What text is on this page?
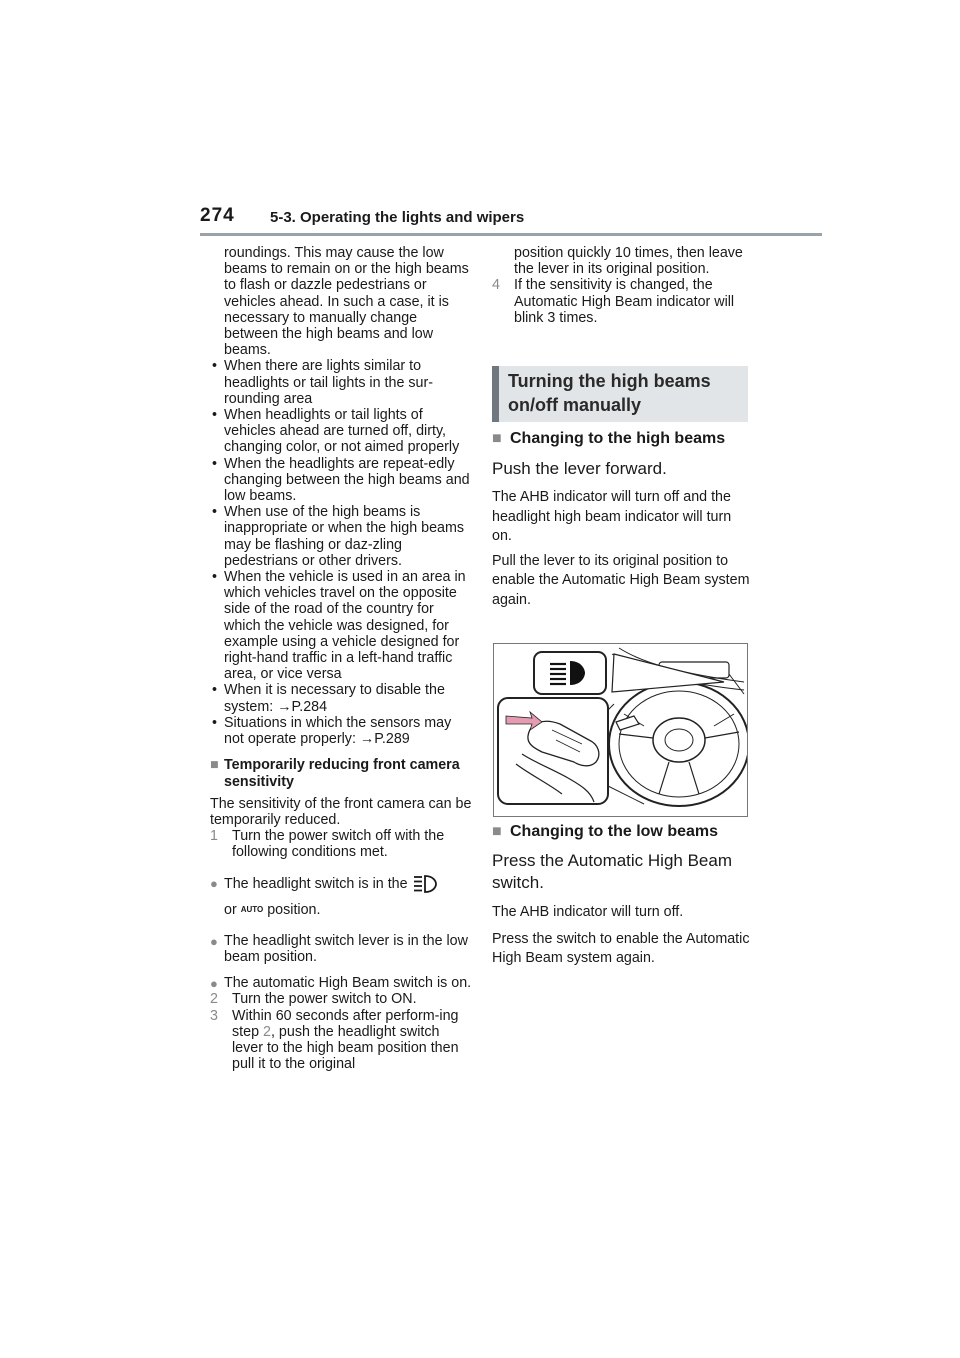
274 5-3. Operating the lights and wipers
roundings. This may cause the low beams to remain on or the high beams to flash or dazzle pedestrians or vehicles ahead. In such a case, it is necessary to manually change between the high beams and low beams.
• When there are lights similar to headlights or tail lights in the sur-rounding area
• When headlights or tail lights of vehicles ahead are turned off, dirty, changing color, or not aimed properly
• When the headlights are repeat-edly changing between the high beams and low beams.
• When use of the high beams is inappropriate or when the high beams may be flashing or daz-zling pedestrians or other drivers.
• When the vehicle is used in an area in which vehicles travel on the opposite side of the road of the country for which the vehicle was designed, for example using a vehicle designed for right-hand traffic in a left-hand traffic area, or vice versa
• When it is necessary to disable the system: →P.284
• Situations in which the sensors may not operate properly: →P.289
■ Temporarily reducing front camera sensitivity
The sensitivity of the front camera can be temporarily reduced.
1 Turn the power switch off with the following conditions met.
● The headlight switch is in the
or AUTO position.
● The headlight switch lever is in the low beam position.
● The automatic High Beam switch is on.
2 Turn the power switch to ON.
3 Within 60 seconds after perform-ing step 2, push the headlight switch lever to the high beam position then pull it to the original
position quickly 10 times, then leave the lever in its original position.
4 If the sensitivity is changed, the Automatic High Beam indicator will blink 3 times.
Turning the high beams on/off manually
■ Changing to the high beams
Push the lever forward.
The AHB indicator will turn off and the headlight high beam indicator will turn on.
Pull the lever to its original position to enable the Automatic High Beam system again.
■ Changing to the low beams
Press the Automatic High Beam switch.
The AHB indicator will turn off.
Press the switch to enable the Automatic High Beam system again.
